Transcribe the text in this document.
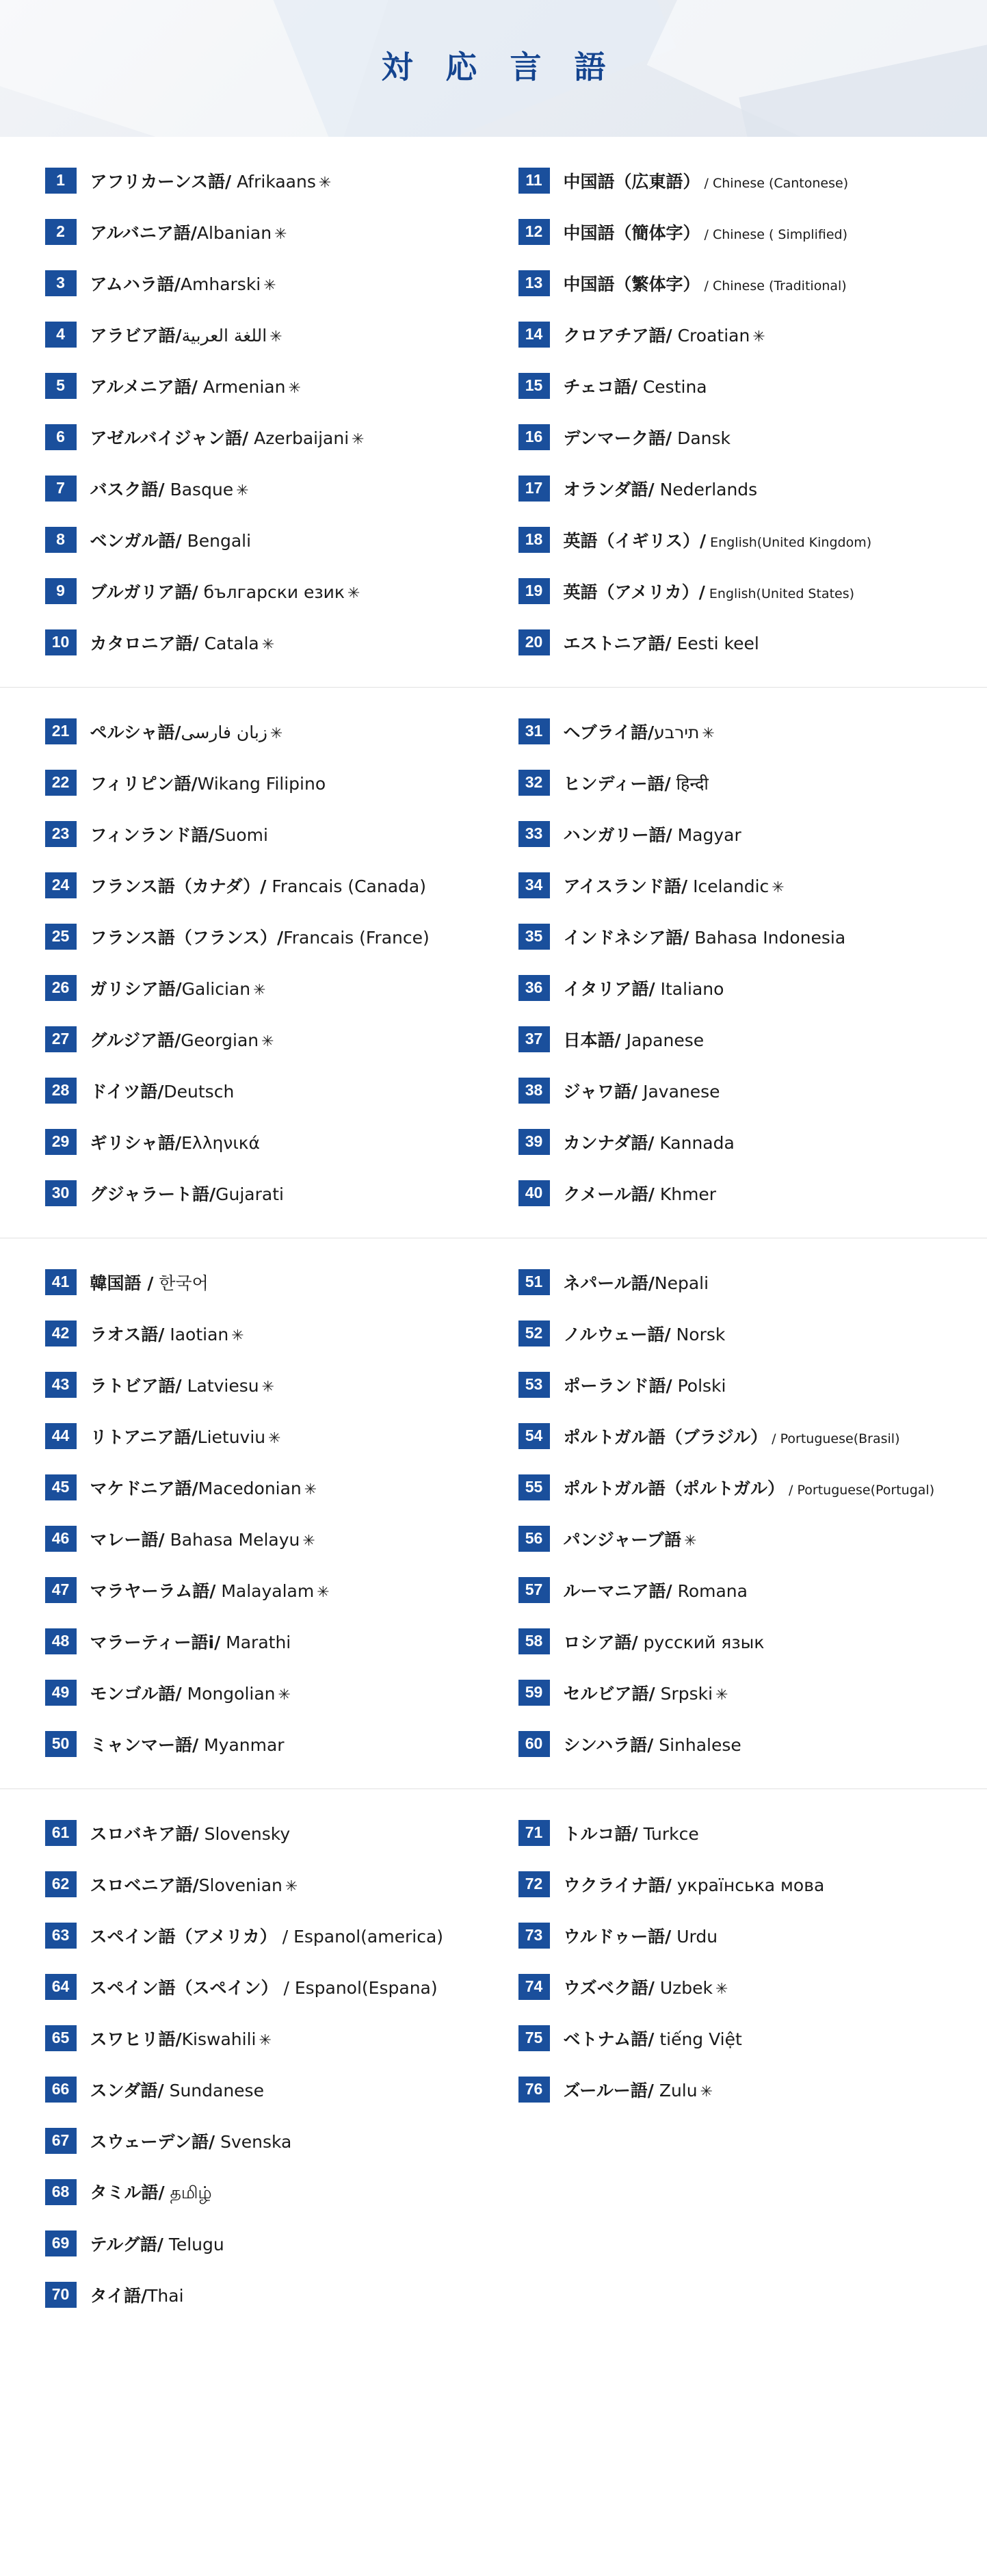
対 応 言 語
1	アフリカーンス語/ Afrikaans ✳
2	アルバニア語/Albanian ✳
3	アムハラ語/Amharski ✳
4	アラビア語/اللغة العربية ✳
5	アルメニア語/ Armenian ✳
6	アゼルバイジャン語/ Azerbaijani ✳
7	バスク語/ Basque ✳
8	ベンガル語/ Bengali
9	ブルガリア語/ български език ✳
10	カタロニア語/ Catala ✳
11	中国語（広東語） / Chinese (Cantonese)
12	中国語（簡体字） / Chinese ( Simplified)
13	中国語（繁体字） / Chinese (Traditional)
14	クロアチア語/ Croatian ✳
15	チェコ語/ Cestina
16	デンマーク語/ Dansk
17	オランダ語/ Nederlands
18	英語（イギリス）/ English(United Kingdom)
19	英語（アメリカ）/ English(United States)
20	エストニア語/ Eesti keel
21	ペルシャ語/زبان فارسی ✳
22	フィリピン語/Wikang Filipino
23	フィンランド語/Suomi
24	フランス語（カナダ）/ Francais (Canada)
25	フランス語（フランス）/Francais (France)
26	ガリシア語/Galician ✳
27	グルジア語/Georgian ✳
28	ドイツ語/Deutsch
29	ギリシャ語/Ελληνικά
30	グジャラート語/Gujarati
31	ヘブライ語/תירבע ✳
32	ヒンディー語/ हिन्दी
33	ハンガリー語/ Magyar
34	アイスランド語/ Icelandic ✳
35	インドネシア語/ Bahasa Indonesia
36	イタリア語/ Italiano
37	日本語/ Japanese
38	ジャワ語/ Javanese
39	カンナダ語/ Kannada
40	クメール語/ Khmer
41	韓国語 / 한국어
42	ラオス語/ Iaotian ✳
43	ラトビア語/ Latviesu ✳
44	リトアニア語/Lietuviu ✳
45	マケドニア語/Macedonian ✳
46	マレー語/ Bahasa Melayu ✳
47	マラヤーラム語/ Malayalam ✳
48	マラーティー語i/ Marathi
49	モンゴル語/ Mongolian ✳
50	ミャンマー語/ Myanmar
51	ネパール語/Nepali
52	ノルウェー語/ Norsk
53	ポーランド語/ Polski
54	ポルトガル語（ブラジル） / Portuguese(Brasil)
55	ポルトガル語（ポルトガル） / Portuguese(Portugal)
56	パンジャーブ語 ✳
57	ルーマニア語/ Romana
58	ロシア語/ русский язык
59	セルビア語/ Srpski ✳
60	シンハラ語/ Sinhalese
61	スロバキア語/ Slovensky
62	スロベニア語/Slovenian ✳
63	スペイン語（アメリカ） / Espanol(america)
64	スペイン語（スペイン） / Espanol(Espana)
65	スワヒリ語/Kiswahili ✳
66	スンダ語/ Sundanese
67	スウェーデン語/ Svenska
68	タミル語/ தமிழ்
69	テルグ語/ Telugu
70	タイ語/Thai
71	トルコ語/ Turkce
72	ウクライナ語/ українська мова
73	ウルドゥー語/ Urdu
74	ウズベク語/ Uzbek ✳
75	ベトナム語/ tiếng Việt
76	ズールー語/ Zulu ✳
